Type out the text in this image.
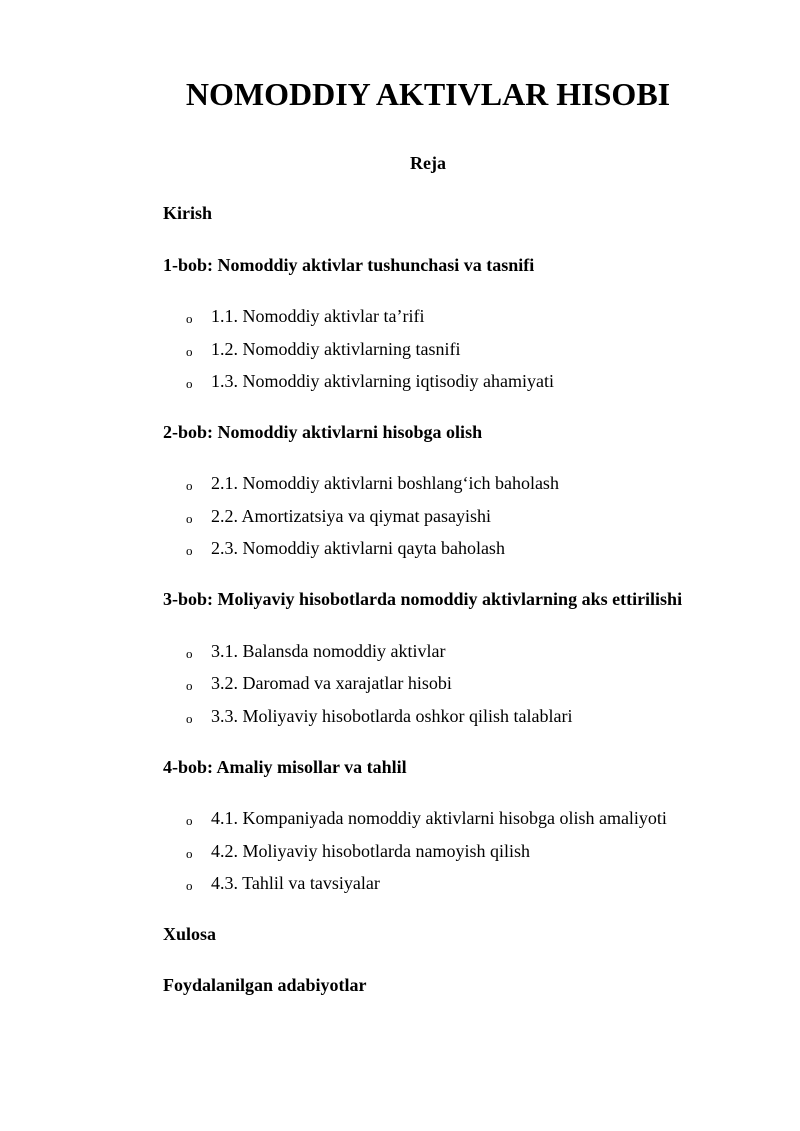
NOMODDIY AKTIVLAR HISOBI
Reja
Kirish
1-bob: Nomoddiy aktivlar tushunchasi va tasnifi
o 1.1. Nomoddiy aktivlar ta’rifi
o 1.2. Nomoddiy aktivlarning tasnifi
o 1.3. Nomoddiy aktivlarning iqtisodiy ahamiyati
2-bob: Nomoddiy aktivlarni hisobga olish
o 2.1. Nomoddiy aktivlarni boshlang‘ich baholash
o 2.2. Amortizatsiya va qiymat pasayishi
o 2.3. Nomoddiy aktivlarni qayta baholash
3-bob: Moliyaviy hisobotlarda nomoddiy aktivlarning aks ettirilishi
o 3.1. Balansda nomoddiy aktivlar
o 3.2. Daromad va xarajatlar hisobi
o 3.3. Moliyaviy hisobotlarda oshkor qilish talablari
4-bob: Amaliy misollar va tahlil
o 4.1. Kompaniyada nomoddiy aktivlarni hisobga olish amaliyoti
o 4.2. Moliyaviy hisobotlarda namoyish qilish
o 4.3. Tahlil va tavsiyalar
Xulosa
Foydalanilgan adabiyotlar
